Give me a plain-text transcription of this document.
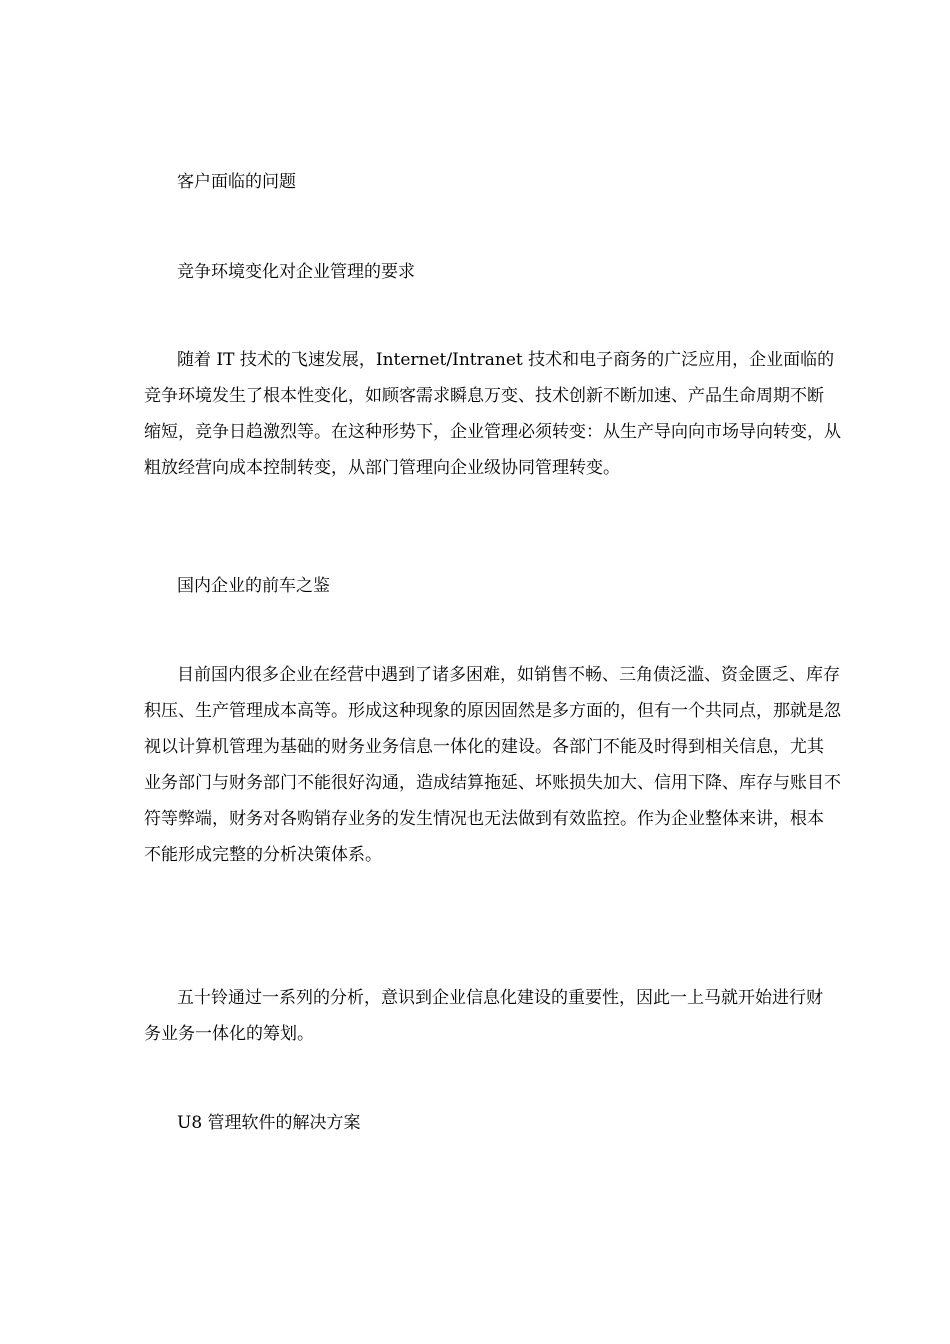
客户面临的问题
竞争环境变化对企业管理的要求
随着 IT 技术的飞速发展，Internet/Intranet 技术和电子商务的广泛应用，企业面临的
竞争环境发生了根本性变化，如顾客需求瞬息万变、技术创新不断加速、产品生命周期不断
缩短，竞争日趋激烈等。在这种形势下，企业管理必须转变：从生产导向向市场导向转变，从
粗放经营向成本控制转变，从部门管理向企业级协同管理转变。
国内企业的前车之鉴
目前国内很多企业在经营中遇到了诸多困难，如销售不畅、三角债泛滥、资金匮乏、库存
积压、生产管理成本高等。形成这种现象的原因固然是多方面的，但有一个共同点，那就是忽
视以计算机管理为基础的财务业务信息一体化的建设。各部门不能及时得到相关信息，尤其
业务部门与财务部门不能很好沟通，造成结算拖延、坏账损失加大、信用下降、库存与账目不
符等弊端，财务对各购销存业务的发生情况也无法做到有效监控。作为企业整体来讲，根本
不能形成完整的分析决策体系。
五十铃通过一系列的分析，意识到企业信息化建设的重要性，因此一上马就开始进行财
务业务一体化的筹划。
U8 管理软件的解决方案
